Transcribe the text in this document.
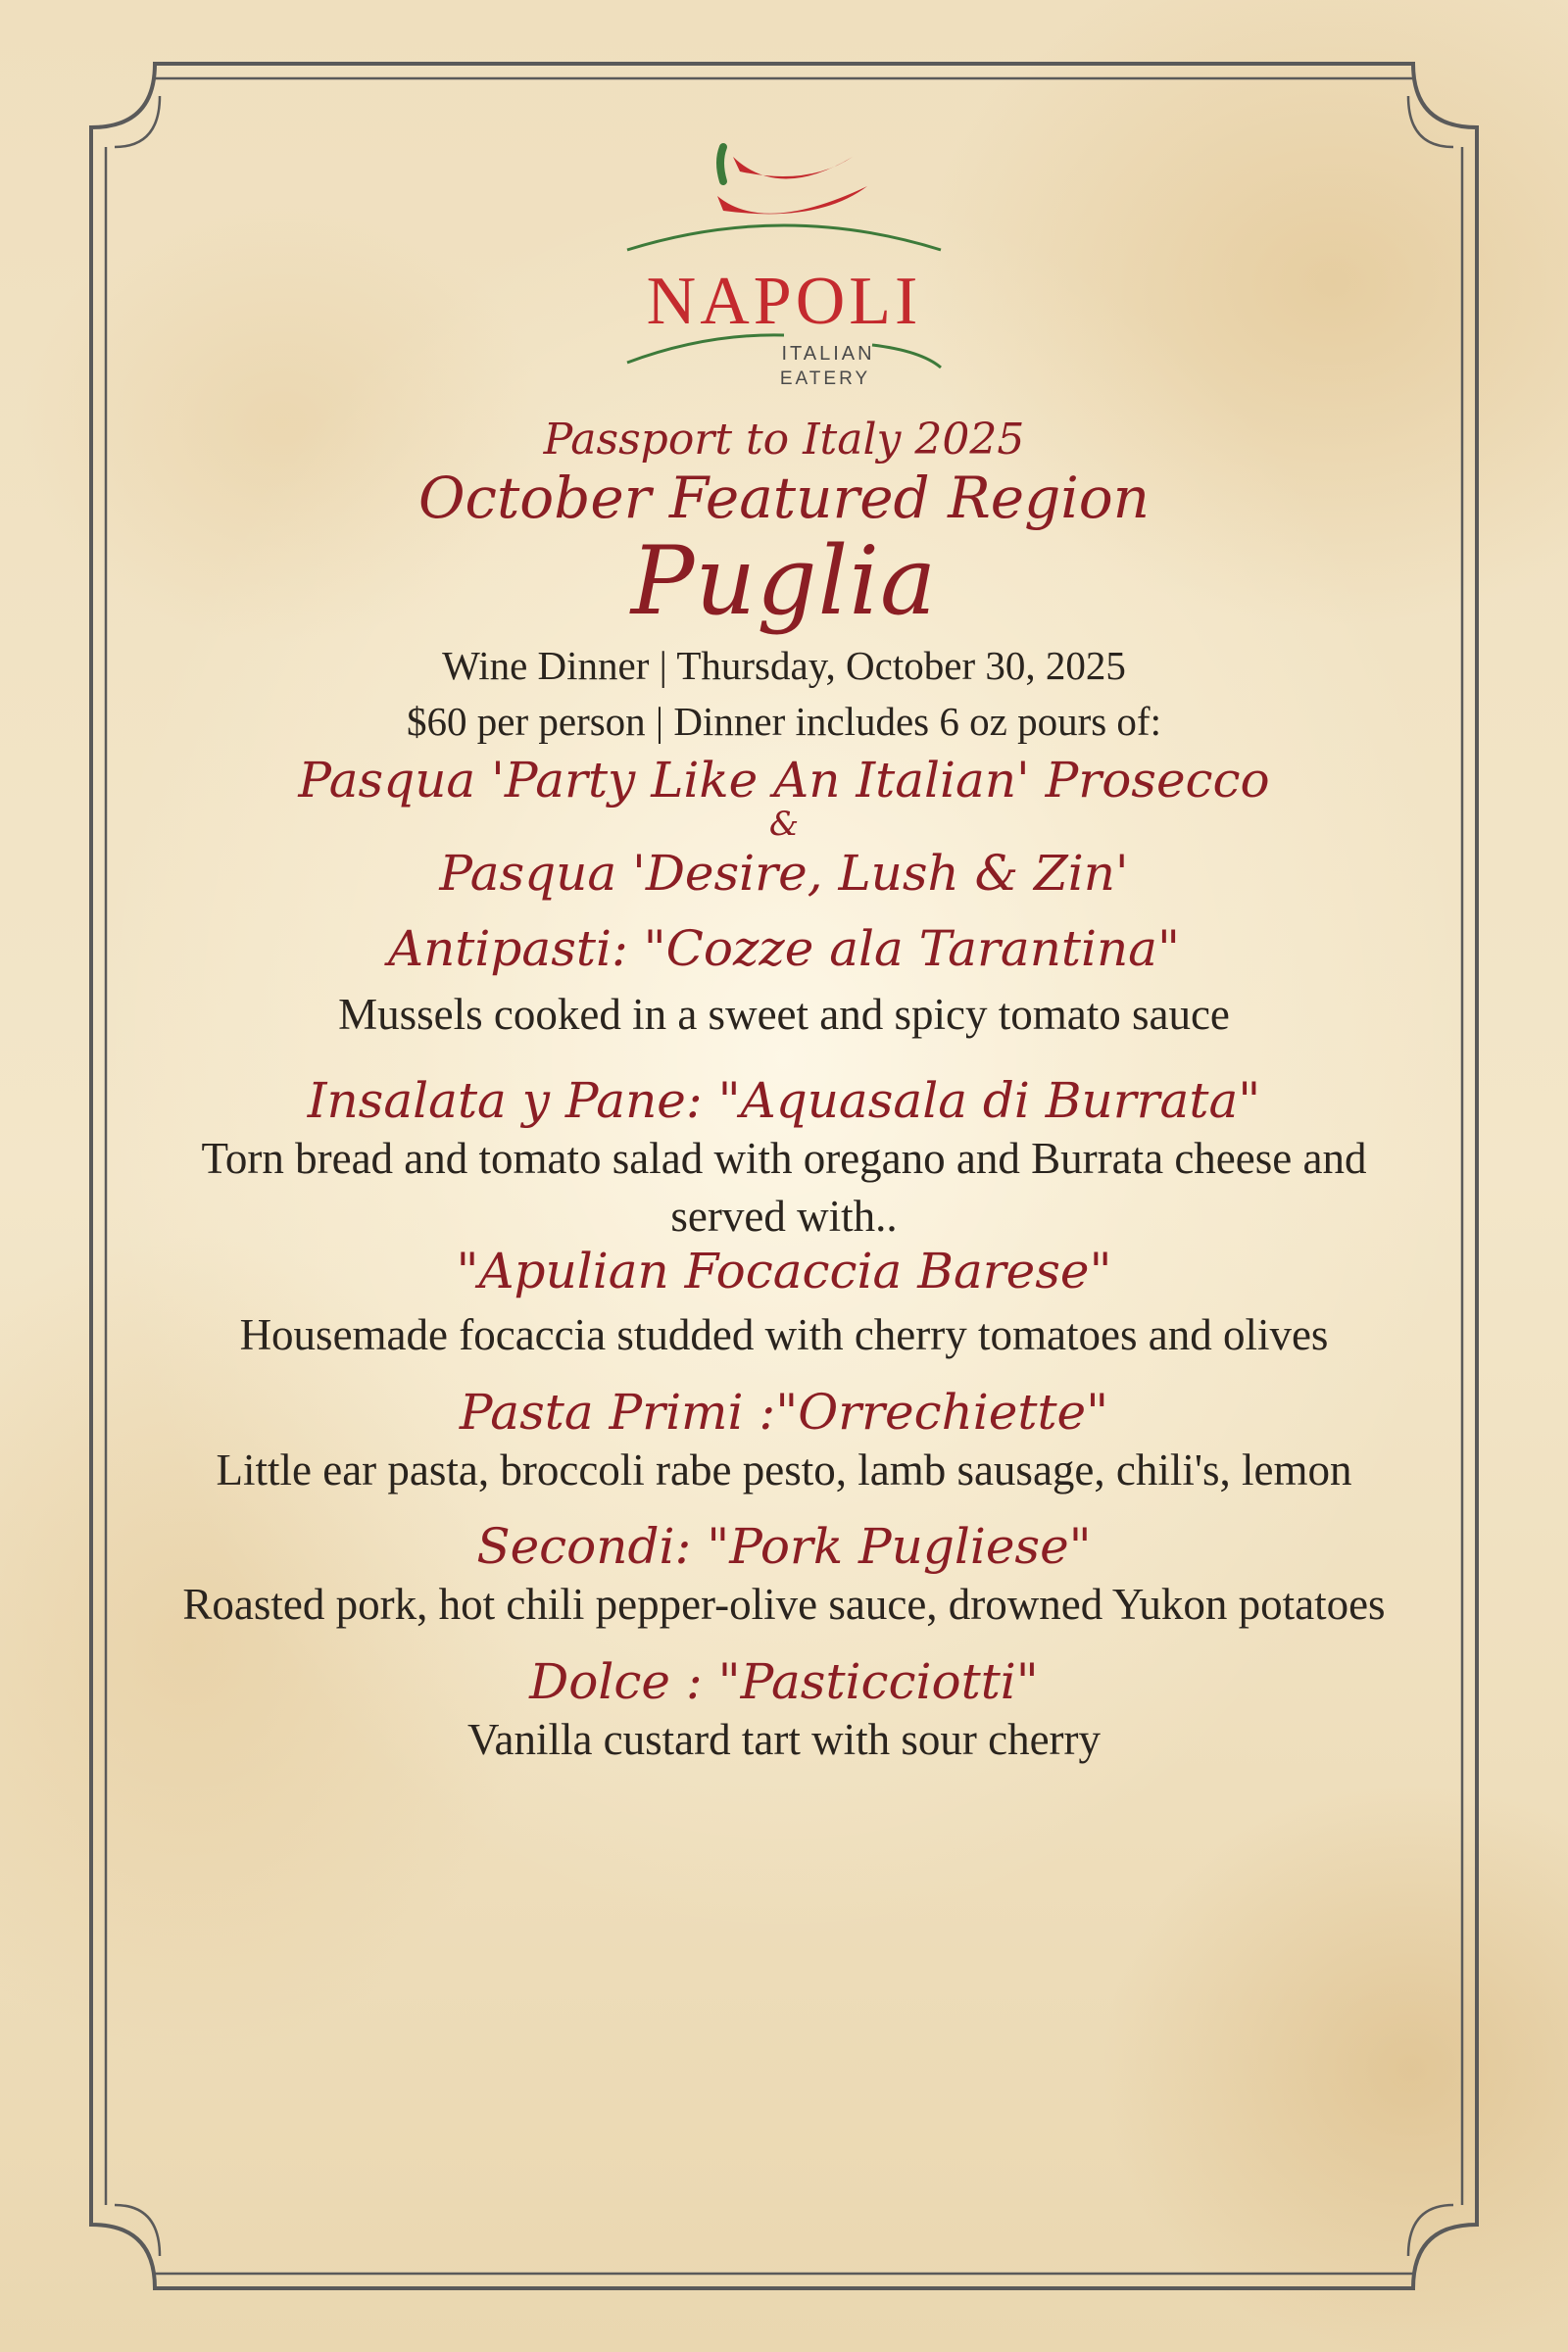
NAPOLI
ITALIAN
EATERY

Passport to Italy 2025

October Featured Region

Puglia

Wine Dinner | Thursday, October 30, 2025

$60 per person | Dinner includes 6 oz pours of:

Pasqua 'Party Like An Italian' Prosecco

&

Pasqua 'Desire, Lush & Zin'

Antipasti: "Cozze ala Tarantina"

Mussels cooked in a sweet and spicy tomato sauce

Insalata y Pane: "Aquasala di Burrata"

Torn bread and tomato salad with oregano and Burrata cheese and served with..

"Apulian Focaccia Barese"

Housemade focaccia studded with cherry tomatoes and olives

Pasta Primi :"Orrechiette"

Little ear pasta, broccoli rabe pesto, lamb sausage, chili's, lemon

Secondi: "Pork Pugliese"

Roasted pork, hot chili pepper-olive sauce, drowned Yukon potatoes

Dolce : "Pasticciotti"

Vanilla custard tart with sour cherry
